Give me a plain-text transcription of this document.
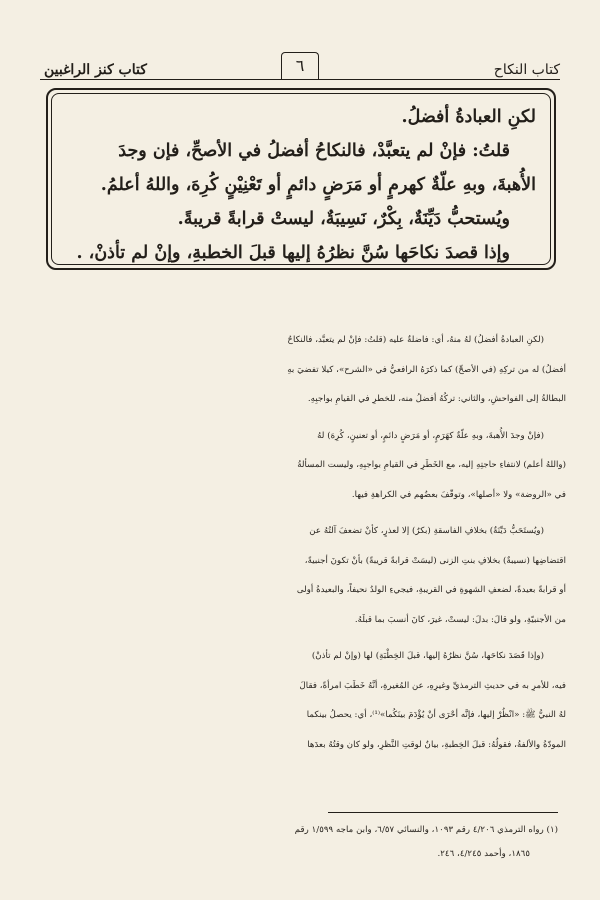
كتاب النكاح
٦
كتاب كنز الراغبين
لكنِ العبادةُ أفضلُ.
قلتُ: فإنْ لم يتعبَّدْ، فالنكاحُ أفضلُ في الأصحِّ، فإن وجدَ
الأُهبةَ، وبهِ علّةٌ كهرمٍ أو مَرَضٍ دائمٍ أو تَعْنِيْنٍ كُرِهَ، واللهُ أعلمُ.
ويُستحبُّ دَيِّنَةٌ، بِكْرٌ، نَسِيبَةٌ، ليستْ قرابةً قريبةً.
وإذا قصدَ نكاحَها سُنَّ نظرُهُ إليها قبلَ الخطبةِ، وإنْ لم تأذنْ، .
(لكنِ العبادةُ أفضلُ) لهُ منهُ، أي: فاضلةٌ عليه (قلتُ: فإنْ لم يتعبَّد، فالنكاحُ
أفضلُ) له من تركِهِ (في الأصحِّ) كما ذكرَهُ الرافعيُّ في «الشرح»، كيلا تفضيَ بهِ
البطالةُ إلى الفواحشِ، والثاني: تركُهُ أفضلُ منه، للخطرِ في القيامِ بواجبِهِ.
(فإنْ وجدَ الأُهبةَ، وبهِ علّةٌ كهَرَمٍ، أو مَرَضٍ دائمٍ، أو تعنينٍ، كُرِهَ) لهُ
(واللهُ أعلم) لانتفاءِ حاجتِهِ إليه، مع الخَطَرِ في القيامِ بواجبِهِ، وليست المسألةُ
في «الروضة» ولا «أصلها»، وتوقّفَ بعضُهم في الكراهةِ فيها.
(ويُستَحَبُّ دَيِّنَةٌ) بخلافِ الفاسقةِ (بكرٌ) إلا لعذرٍ، كأنْ تضعفَ آلتُهُ عن
اقتضاضِها (نسيبةٌ) بخلافِ بنتِ الزنى (ليسَتْ قرابةً قريبةً) بأنْ تكونَ أجنبيةً،
أو قرابةً بعيدةً، لضعفِ الشهوةِ في القريبةِ، فيجيءِ الولدُ نحيفاً، والبعيدةُ أولى
من الأجنبيّةِ، ولو قالَ: بدلَ: ليستْ، غيرَ، كانَ أنسبَ بما قبلَهُ.
(وإذا قَصَدَ نكاحَها، سُنَّ نظرُهُ إليها، قبلَ الخِطْبَةِ) لها (وإنْ لم تأذنْ)
فيه، للأمرِ به في حديثِ الترمذيِّ وغيرِهِ، عن المُغيرةِ، أنَّهُ خَطَبَ امرأةً، فقالَ
لهُ النبيُّ ﷺ: «انْظُرْ إليها، فإنَّه أحْرَى أنْ يُؤْدَمَ بينَكُما»⁽¹⁾، أي: يحصلُ بينكما
المودّةُ والألفةُ، فقولُهُ: قبلَ الخِطبةِ، بيانٌ لوقتِ النَّظرِ، ولو كان وقتُهُ بعدَها
(١) رواه الترمذي ٤/٢٠٦ رقم ١٠٩٣، والنسائي ٦/٥٧، وابن ماجه ١/٥٩٩ رقم
١٨٦٥، وأحمد ٤/٢٤٥، ٢٤٦.
